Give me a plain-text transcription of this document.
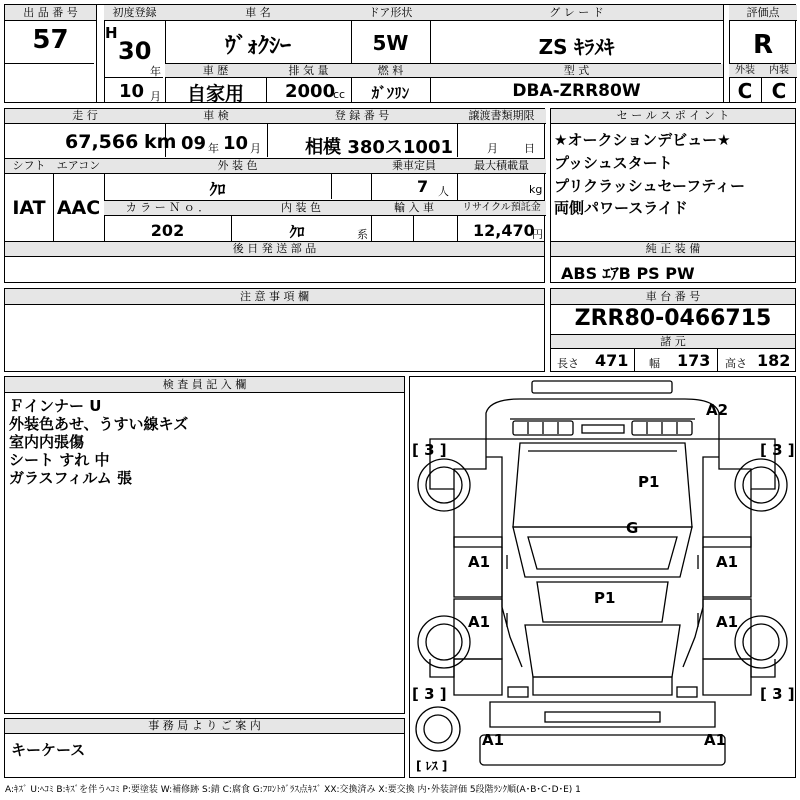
出 品 番 号
57
初度登録
H
30
年
10 月
車 名
ｳﾞｫｸｼｰ
ドア形状
5W
グ レ ー ド
ZS ｷﾗﾒｷ
評価点
R
車 歴
自家用
排 気 量
2000
cc
燃 料
ｶﾞｿﾘﾝ
型 式
DBA-ZRR80W
外装	内装
C C
走 行
67,566 km
車 検
09 年 10 月
登 録 番 号
相模 380ス1001
譲渡書類期限
月 日
シフト
IAT
エアコン
AAC
外 装 色
ｸﾛ
乗車定員
7 人
最大積載量
kg
カ ラ ー Ｎ ｏ ．
202
内 装 色
ｸﾛ	系
輸 入 車	リサイクル預託金
12,470
円
後 日 発 送 部 品
セ ー ル ス ポ イ ン ト
★オークションデビュー★
プッシュスタート
プリクラッシュセーフティー
両側パワースライド
純 正 装 備
ABS ｴｱB PS PW
注 意 事 項 欄	車 台 番 号
ZRR80-0466715
諸 元
長さ 471 幅 173 高さ 182
検 査 員 記 入 欄
Ｆインナー U
外装色あせ、うすい線キズ
室内内張傷
シート すれ 中
ガラスフィルム 張
事 務 局 よ り ご 案 内
キーケース
A2
[ 3 ]	[ 3 ]
P1
G
A1	A1
P1
A1	A1
[ 3 ]	[ 3 ]
A1	A1
[ ﾚｽ ]
A:ｷｽﾞ U:ﾍｺﾐ B:ｷｽﾞを伴うﾍｺﾐ P:要塗装 W:補修跡 S:錆 C:腐食 G:ﾌﾛﾝﾄｶﾞﾗｽ点ｷｽﾞ XX:交換済み X:要交換 内･外装評価 5段階ﾗﾝｸ順(A･B･C･D･E) 1
